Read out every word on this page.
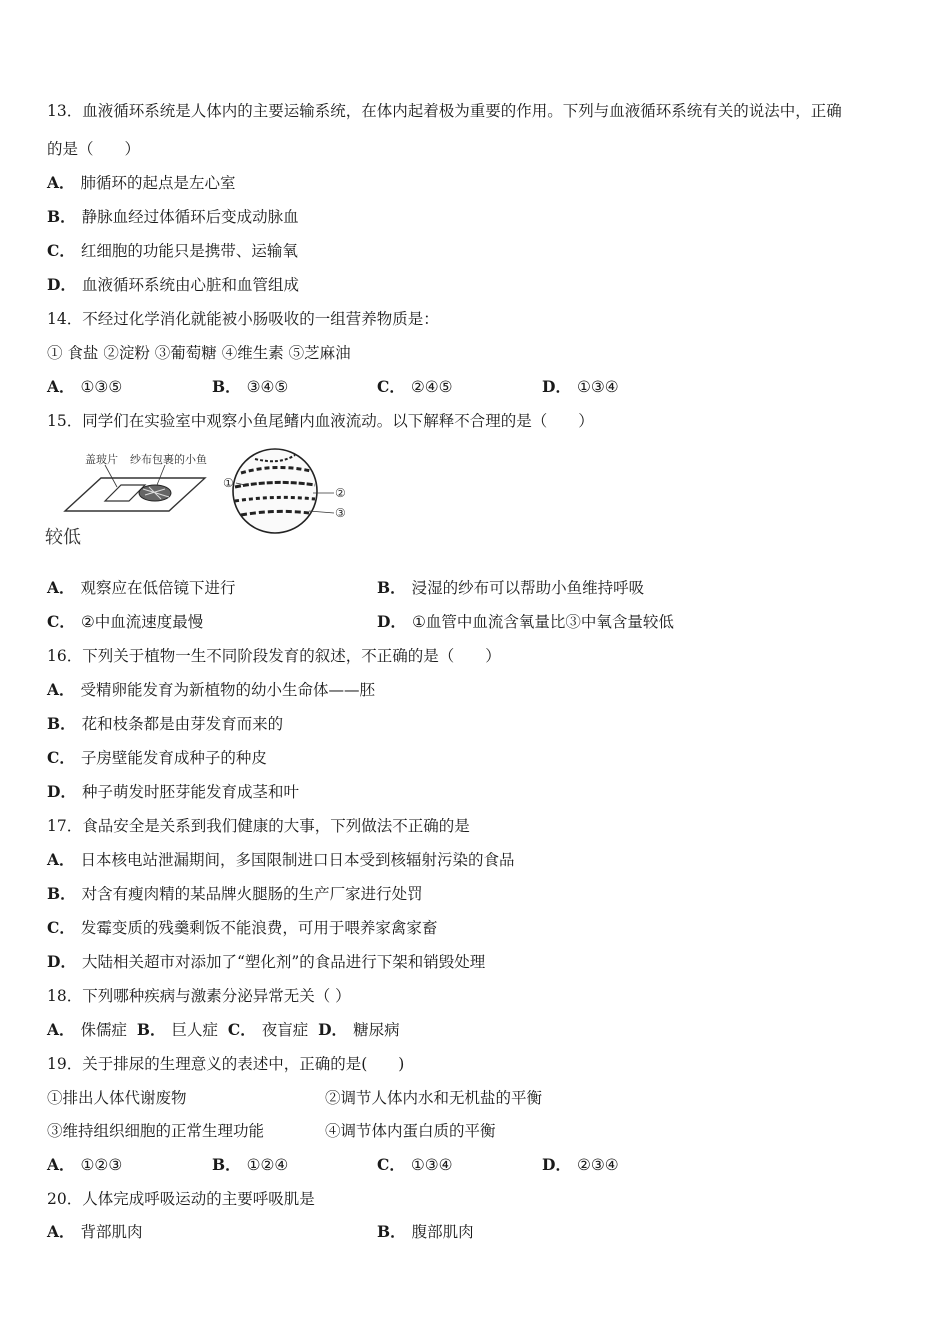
13．血液循环系统是人体内的主要运输系统，在体内起着极为重要的作用。下列与血液循环系统有关的说法中，正确
的是（　　）
A． 肺循环的起点是左心室
B． 静脉血经过体循环后变成动脉血
C． 红细胞的功能只是携带、运输氧
D． 血液循环系统由心脏和血管组成
14．不经过化学消化就能被小肠吸收的一组营养物质是：
① 食盐 ②淀粉 ③葡萄糖 ④维生素 ⑤芝麻油
A． ①③⑤	B． ③④⑤	C． ②④⑤	D． ①③④
15．同学们在实验室中观察小鱼尾鳍内血液流动。以下解释不合理的是（　　）
盖玻片 纱布包裹的小鱼
较低
①
②
③
A． 观察应在低倍镜下进行	B． 浸湿的纱布可以帮助小鱼维持呼吸
C． ②中血流速度最慢	D． ①血管中血流含氧量比③中氧含量较低
16．下列关于植物一生不同阶段发育的叙述，不正确的是（　　）
A． 受精卵能发育为新植物的幼小生命体——胚
B． 花和枝条都是由芽发育而来的
C． 子房壁能发育成种子的种皮
D． 种子萌发时胚芽能发育成茎和叶
17．食品安全是关系到我们健康的大事，下列做法不正确的是
A． 日本核电站泄漏期间，多国限制进口日本受到核辐射污染的食品
B． 对含有瘦肉精的某品牌火腿肠的生产厂家进行处罚
C． 发霉变质的残羹剩饭不能浪费，可用于喂养家禽家畜
D． 大陆相关超市对添加了“塑化剂”的食品进行下架和销毁处理
18．下列哪种疾病与激素分泌异常无关（ ）
A． 侏儒症 B． 巨人症 C． 夜盲症 D． 糖尿病
19．关于排尿的生理意义的表述中，正确的是(　　)
①排出人体代谢废物	②调节人体内水和无机盐的平衡
③维持组织细胞的正常生理功能	④调节体内蛋白质的平衡
A． ①②③	B． ①②④	C． ①③④	D． ②③④
20．人体完成呼吸运动的主要呼吸肌是
A． 背部肌肉	B． 腹部肌肉
